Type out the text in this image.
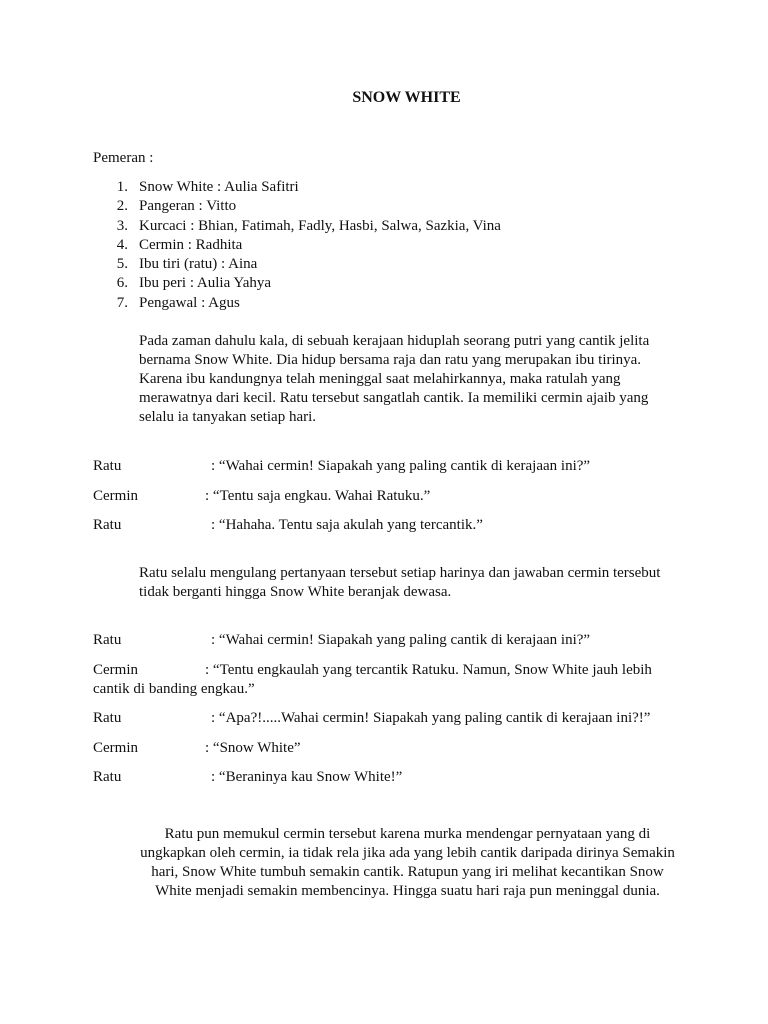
SNOW WHITE
Pemeran :
1. Snow White : Aulia Safitri
2. Pangeran : Vitto
3. Kurcaci : Bhian, Fatimah, Fadly, Hasbi, Salwa, Sazkia, Vina
4. Cermin : Radhita
5. Ibu tiri (ratu) : Aina
6. Ibu peri : Aulia Yahya
7. Pengawal : Agus

Pada zaman dahulu kala, di sebuah kerajaan hiduplah seorang putri yang cantik jelita bernama Snow White. Dia hidup bersama raja dan ratu yang merupakan ibu tirinya. Karena ibu kandungnya telah meninggal saat melahirkannya, maka ratulah yang merawatnya dari kecil. Ratu tersebut sangatlah cantik. Ia memiliki cermin ajaib yang selalu ia tanyakan setiap hari.

Ratu	: “Wahai cermin! Siapakah yang paling cantik di kerajaan ini?”
Cermin	: “Tentu saja engkau. Wahai Ratuku.”
Ratu	: “Hahaha. Tentu saja akulah yang tercantik.”

Ratu selalu mengulang pertanyaan tersebut setiap harinya dan jawaban cermin tersebut tidak berganti hingga Snow White beranjak dewasa.

Ratu	: “Wahai cermin! Siapakah yang paling cantik di kerajaan ini?”
Cermin	: “Tentu engkaulah yang tercantik Ratuku. Namun, Snow White jauh lebih cantik di banding engkau.”
Ratu	: “Apa?!.....Wahai cermin! Siapakah yang paling cantik di kerajaan ini?!”
Cermin	: “Snow White”
Ratu	: “Beraninya kau Snow White!”

Ratu pun memukul cermin tersebut karena murka mendengar pernyataan yang di ungkapkan oleh cermin, ia tidak rela jika ada yang lebih cantik daripada dirinya Semakin hari, Snow White tumbuh semakin cantik. Ratupun yang iri melihat kecantikan Snow White menjadi semakin membencinya. Hingga suatu hari raja pun meninggal dunia.
